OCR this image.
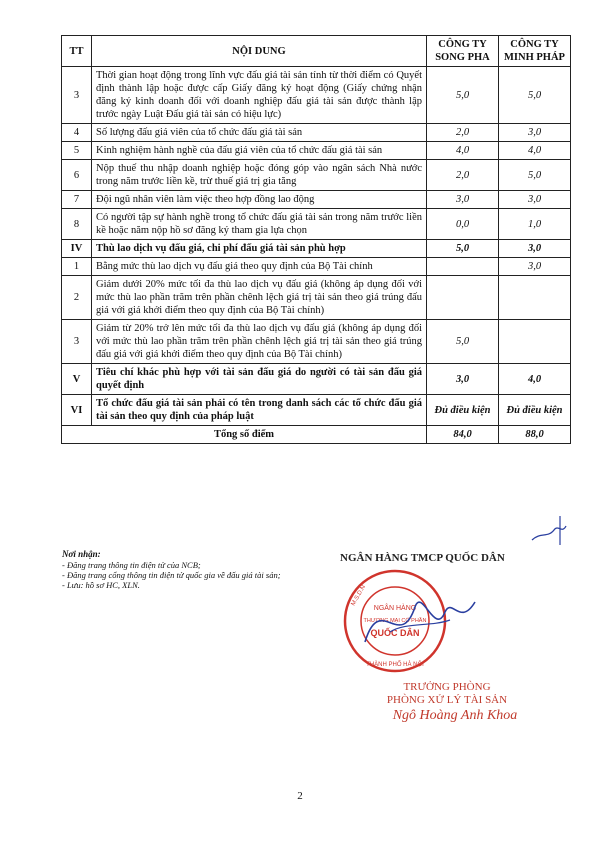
TT	NỘI DUNG	CÔNG TY SONG PHA	CÔNG TY MINH PHÁP
3	Thời gian hoạt động trong lĩnh vực đấu giá tài sản tính từ thời điểm có Quyết định thành lập hoặc được cấp Giấy đăng ký hoạt động (Giấy chứng nhận đăng ký kinh doanh đối với doanh nghiệp đấu giá tài sản được thành lập trước ngày Luật Đấu giá tài sản có hiệu lực)	5,0	5,0
4	Số lượng đấu giá viên của tổ chức đấu giá tài sản	2,0	3,0
5	Kinh nghiệm hành nghề của đấu giá viên của tổ chức đấu giá tài sản	4,0	4,0
6	Nộp thuế thu nhập doanh nghiệp hoặc đóng góp vào ngân sách Nhà nước trong năm trước liền kề, trừ thuế giá trị gia tăng	2,0	5,0
7	Đội ngũ nhân viên làm việc theo hợp đồng lao động	3,0	3,0
8	Có người tập sự hành nghề trong tổ chức đấu giá tài sản trong năm trước liền kề hoặc năm nộp hồ sơ đăng ký tham gia lựa chọn	0,0	1,0
IV	Thù lao dịch vụ đấu giá, chi phí đấu giá tài sản phù hợp	5,0	3,0
1	Bằng mức thù lao dịch vụ đấu giá theo quy định của Bộ Tài chính		3,0
2	Giảm dưới 20% mức tối đa thù lao dịch vụ đấu giá (không áp dụng đối với mức thù lao phần trăm trên phần chênh lệch giá trị tài sản theo giá trúng đấu giá với giá khởi điểm theo quy định của Bộ Tài chính)		
3	Giảm từ 20% trở lên mức tối đa thù lao dịch vụ đấu giá (không áp dụng đối với mức thù lao phần trăm trên phần chênh lệch giá trị tài sản theo giá trúng đấu giá với giá khởi điểm theo quy định của Bộ Tài chính)	5,0	
V	Tiêu chí khác phù hợp với tài sản đấu giá do người có tài sản đấu giá quyết định	3,0	4,0
VI	Tổ chức đấu giá tài sản phải có tên trong danh sách các tổ chức đấu giá tài sản theo quy định của pháp luật	Đủ điều kiện	Đủ điều kiện
Tổng số điểm		84,0	88,0
Nơi nhận:
- Đăng trang thông tin điện tử của NCB;
- Đăng trang cổng thông tin điện tử quốc gia về đấu giá tài sản;
- Lưu: hồ sơ HC, XLN.
NGÂN HÀNG TMCP QUỐC DÂN
NGÂN HÀNG
THƯƠNG MẠI CỔ PHẦN
QUỐC DÂN
THÀNH PHỐ HÀ NỘI
M.S.D.N
TRƯỞNG PHÒNG
PHÒNG XỬ LÝ TÀI SẢN
Ngô Hoàng Anh Khoa
2
